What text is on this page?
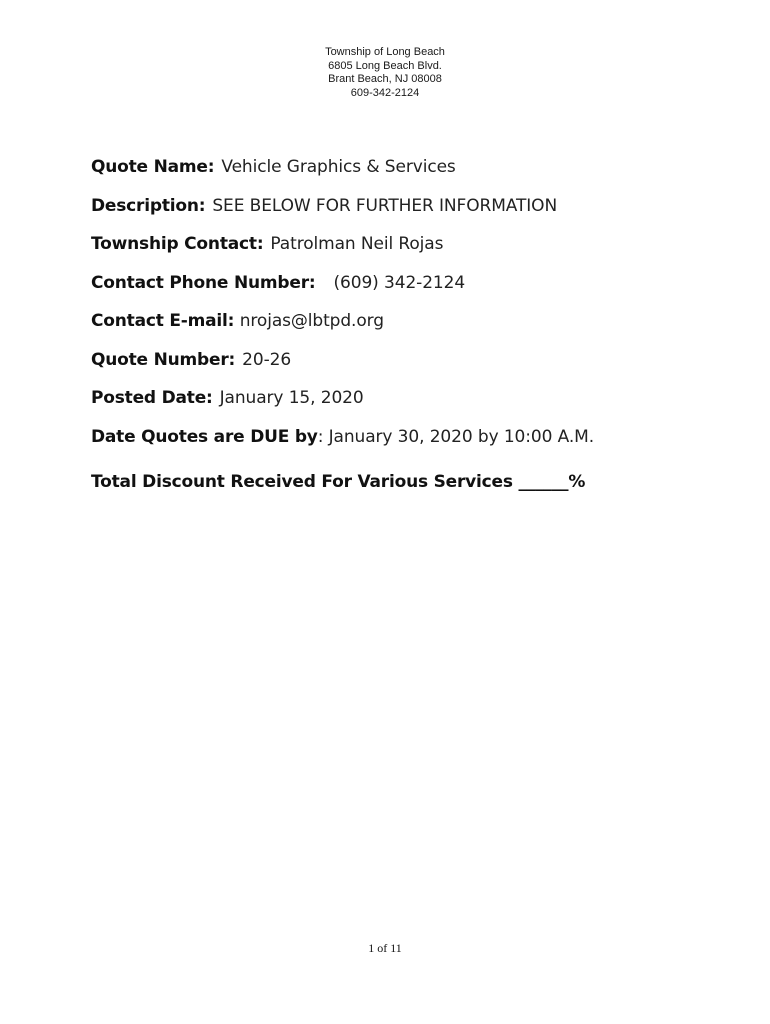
Township of Long Beach
6805 Long Beach Blvd.
Brant Beach, NJ 08008
609-342-2124
Quote Name: Vehicle Graphics & Services
Description: SEE BELOW FOR FURTHER INFORMATION
Township Contact: Patrolman Neil Rojas
Contact Phone Number: (609) 342-2124
Contact E-mail: nrojas@lbtpd.org
Quote Number: 20-26
Posted Date: January 15, 2020
Date Quotes are DUE by: January 30, 2020 by 10:00 A.M.
Total Discount Received For Various Services ______%
1 of 11
